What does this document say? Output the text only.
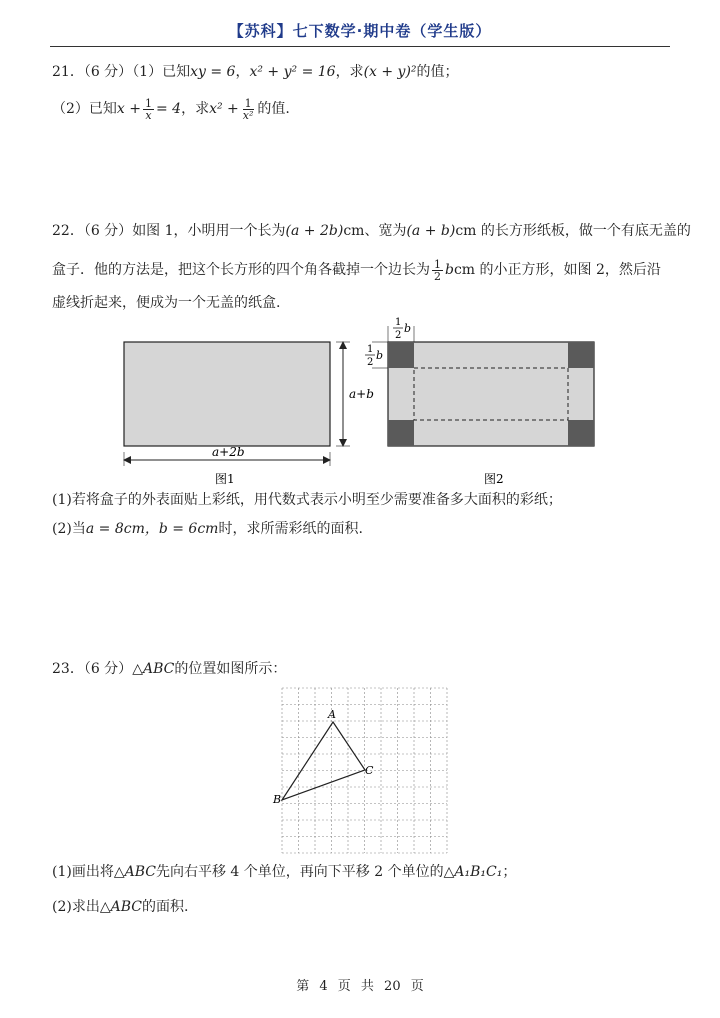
【苏科】七下数学·期中卷（学生版）
21．（6 分）（1）已知xy = 6，x² + y² = 16，求(x + y)²的值；
（2）已知$x + \frac{1}{x} = 4$，求$x^2 + \frac{1}{\text{x²}}$ 的值.
22．（6 分）如图 1，小明用一个长为(a + 2b)cm、宽为(a + b)cm 的长方形纸板，做一个有底无盖的
盒子．他的方法是，把这个长方形的四个角各截掉一个边长为 $\frac{1}{2}$ bcm 的小正方形，如图 2，然后沿
虚线折起来，便成为一个无盖的纸盒.
a+b
a+2b
图1
1
2
b
1
2
b
图2
(1)若将盒子的外表面贴上彩纸，用代数式表示小明至少需要准备多大面积的彩纸；
(2)当a = 8cm，b = 6cm时，求所需彩纸的面积.
23．（6 分）△ABC的位置如图所示：
A
B
C
(1)画出将△ABC先向右平移 4 个单位，再向下平移 2 个单位的△A₁B₁C₁；
(2)求出△ABC的面积.
第 4 页 共 20 页
